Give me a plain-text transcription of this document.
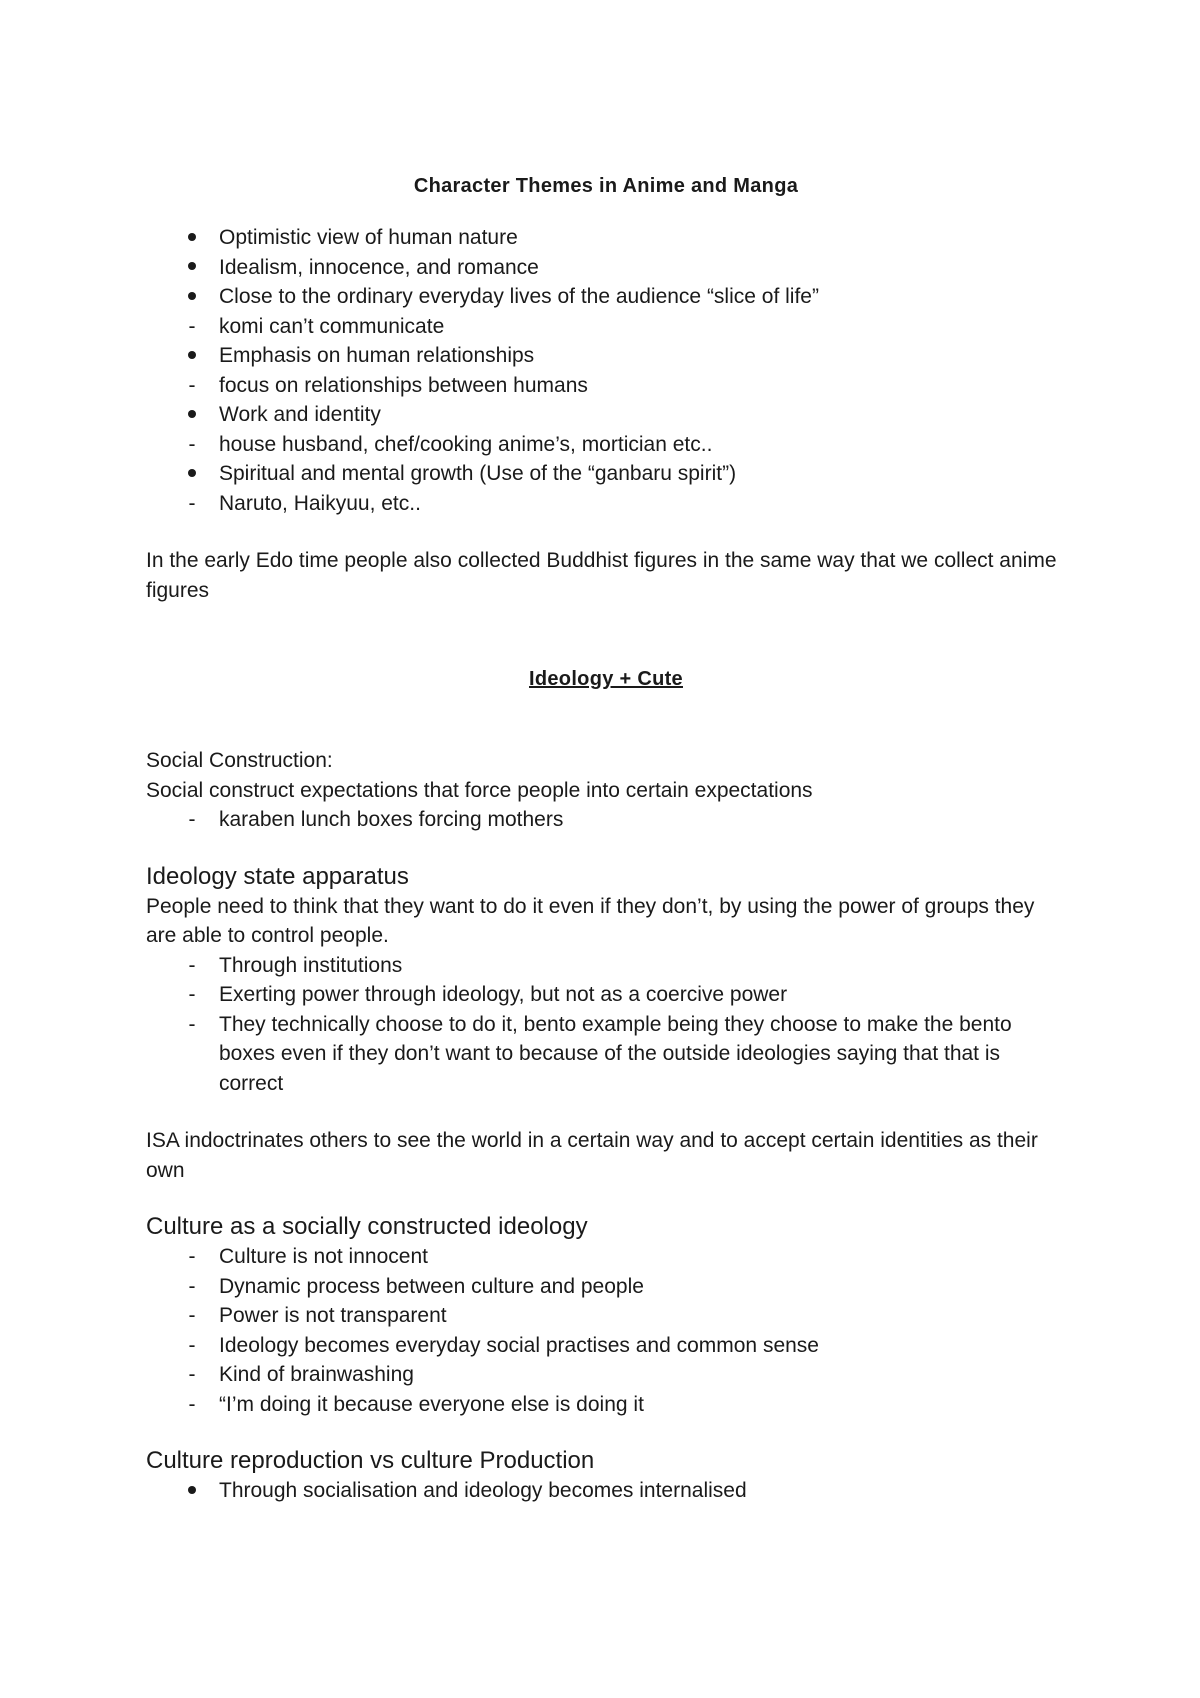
Character Themes in Anime and Manga
Optimistic view of human nature
Idealism, innocence, and romance
Close to the ordinary everyday lives of the audience “slice of life”
-	komi can’t communicate
Emphasis on human relationships
-	focus on relationships between humans
Work and identity
-	house husband, chef/cooking anime’s, mortician etc..
Spiritual and mental growth (Use of the “ganbaru spirit”)
-	Naruto, Haikyuu, etc..

In the early Edo time people also collected Buddhist figures in the same way that we collect anime figures

Ideology + Cute

Social Construction:

Social construct expectations that force people into certain expectations

-	karaben lunch boxes forcing mothers

Ideology state apparatus

People need to think that they want to do it even if they don’t, by using the power of groups they are able to control people.

-	Through institutions
-	Exerting power through ideology, but not as a coercive power
-	They technically choose to do it, bento example being they choose to make the bento boxes even if they don’t want to because of the outside ideologies saying that that is correct

ISA indoctrinates others to see the world in a certain way and to accept certain identities as their own

Culture as a socially constructed ideology

-	Culture is not innocent
-	Dynamic process between culture and people
-	Power is not transparent
-	Ideology becomes everyday social practises and common sense
-	Kind of brainwashing
-	“I’m doing it because everyone else is doing it

Culture reproduction vs culture Production

Through socialisation and ideology becomes internalised
